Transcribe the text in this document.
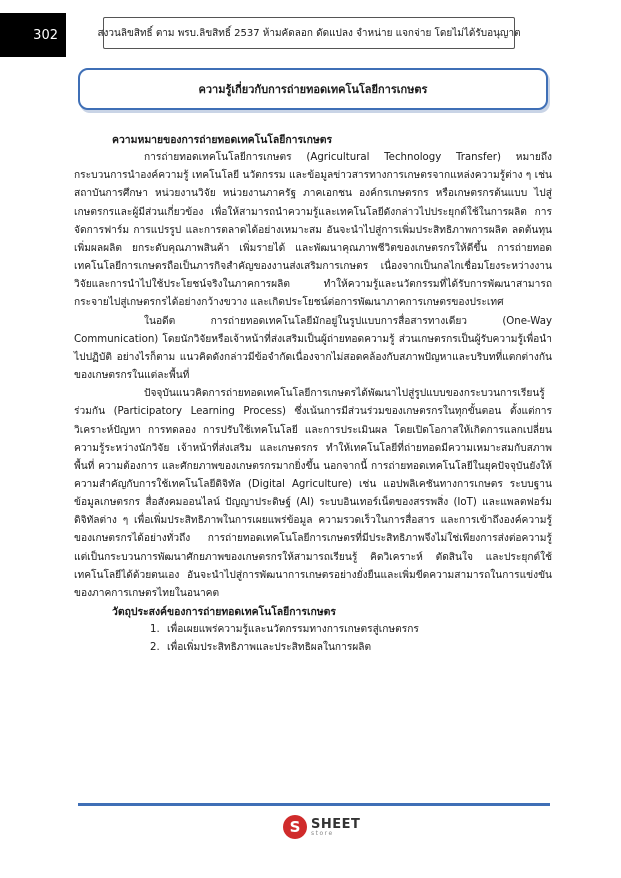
302	สงวนลิขสิทธิ์ ตาม พรบ.ลิขสิทธิ์ 2537 ห้ามคัดลอก ดัดแปลง จำหน่าย แจกจ่าย โดยไม่ได้รับอนุญาต
ความรู้เกี่ยวกับการถ่ายทอดเทคโนโลยีการเกษตร
ความหมายของการถ่ายทอดเทคโนโลยีการเกษตร

การถ่ายทอดเทคโนโลยีการเกษตร (Agricultural Technology Transfer) หมายถึง กระบวนการนำองค์ความรู้ เทคโนโลยี นวัตกรรม และข้อมูลข่าวสารทางการเกษตรจากแหล่งความรู้ต่าง ๆ เช่น สถาบันการศึกษา หน่วยงานวิจัย หน่วยงานภาครัฐ ภาคเอกชน องค์กรเกษตรกร หรือเกษตรกรต้นแบบ ไปสู่เกษตรกรและผู้มีส่วนเกี่ยวข้อง เพื่อให้สามารถนำความรู้และเทคโนโลยีดังกล่าวไปประยุกต์ใช้ในการผลิต การจัดการฟาร์ม การแปรรูป และการตลาดได้อย่างเหมาะสม อันจะนำไปสู่การเพิ่มประสิทธิภาพการผลิต ลดต้นทุน เพิ่มผลผลิต ยกระดับคุณภาพสินค้า เพิ่มรายได้ และพัฒนาคุณภาพชีวิตของเกษตรกรให้ดีขึ้น การถ่ายทอดเทคโนโลยีการเกษตรถือเป็นภารกิจสำคัญของงานส่งเสริมการเกษตร เนื่องจากเป็นกลไกเชื่อมโยงระหว่างงานวิจัยและการนำไปใช้ประโยชน์จริงในภาคการผลิต ทำให้ความรู้และนวัตกรรมที่ได้รับการพัฒนาสามารถกระจายไปสู่เกษตรกรได้อย่างกว้างขวาง และเกิดประโยชน์ต่อการพัฒนาภาคการเกษตรของประเทศ

ในอดีต การถ่ายทอดเทคโนโลยีมักอยู่ในรูปแบบการสื่อสารทางเดียว (One-Way Communication) โดยนักวิจัยหรือเจ้าหน้าที่ส่งเสริมเป็นผู้ถ่ายทอดความรู้ ส่วนเกษตรกรเป็นผู้รับความรู้เพื่อนำไปปฏิบัติ อย่างไรก็ตาม แนวคิดดังกล่าวมีข้อจำกัดเนื่องจากไม่สอดคล้องกับสภาพปัญหาและบริบทที่แตกต่างกันของเกษตรกรในแต่ละพื้นที่

ปัจจุบันแนวคิดการถ่ายทอดเทคโนโลยีการเกษตรได้พัฒนาไปสู่รูปแบบของกระบวนการเรียนรู้ร่วมกัน (Participatory Learning Process) ซึ่งเน้นการมีส่วนร่วมของเกษตรกรในทุกขั้นตอน ตั้งแต่การวิเคราะห์ปัญหา การทดลอง การปรับใช้เทคโนโลยี และการประเมินผล โดยเปิดโอกาสให้เกิดการแลกเปลี่ยนความรู้ระหว่างนักวิจัย เจ้าหน้าที่ส่งเสริม และเกษตรกร ทำให้เทคโนโลยีที่ถ่ายทอดมีความเหมาะสมกับสภาพพื้นที่ ความต้องการ และศักยภาพของเกษตรกรมากยิ่งขึ้น นอกจากนี้ การถ่ายทอดเทคโนโลยีในยุคปัจจุบันยังให้ความสำคัญกับการใช้เทคโนโลยีดิจิทัล (Digital Agriculture) เช่น แอปพลิเคชันทางการเกษตร ระบบฐานข้อมูลเกษตรกร สื่อสังคมออนไลน์ ปัญญาประดิษฐ์ (AI) ระบบอินเทอร์เน็ตของสรรพสิ่ง (IoT) และแพลตฟอร์มดิจิทัลต่าง ๆ เพื่อเพิ่มประสิทธิภาพในการเผยแพร่ข้อมูล ความรวดเร็วในการสื่อสาร และการเข้าถึงองค์ความรู้ของเกษตรกรได้อย่างทั่วถึง การถ่ายทอดเทคโนโลยีการเกษตรที่มีประสิทธิภาพจึงไม่ใช่เพียงการส่งต่อความรู้ แต่เป็นกระบวนการพัฒนาศักยภาพของเกษตรกรให้สามารถเรียนรู้ คิดวิเคราะห์ ตัดสินใจ และประยุกต์ใช้เทคโนโลยีได้ด้วยตนเอง อันจะนำไปสู่การพัฒนาการเกษตรอย่างยั่งยืนและเพิ่มขีดความสามารถในการแข่งขันของภาคการเกษตรไทยในอนาคต

วัตถุประสงค์ของการถ่ายทอดเทคโนโลยีการเกษตร
1. เพื่อเผยแพร่ความรู้และนวัตกรรมทางการเกษตรสู่เกษตรกร
2. เพื่อเพิ่มประสิทธิภาพและประสิทธิผลในการผลิต
S SHEET
store
